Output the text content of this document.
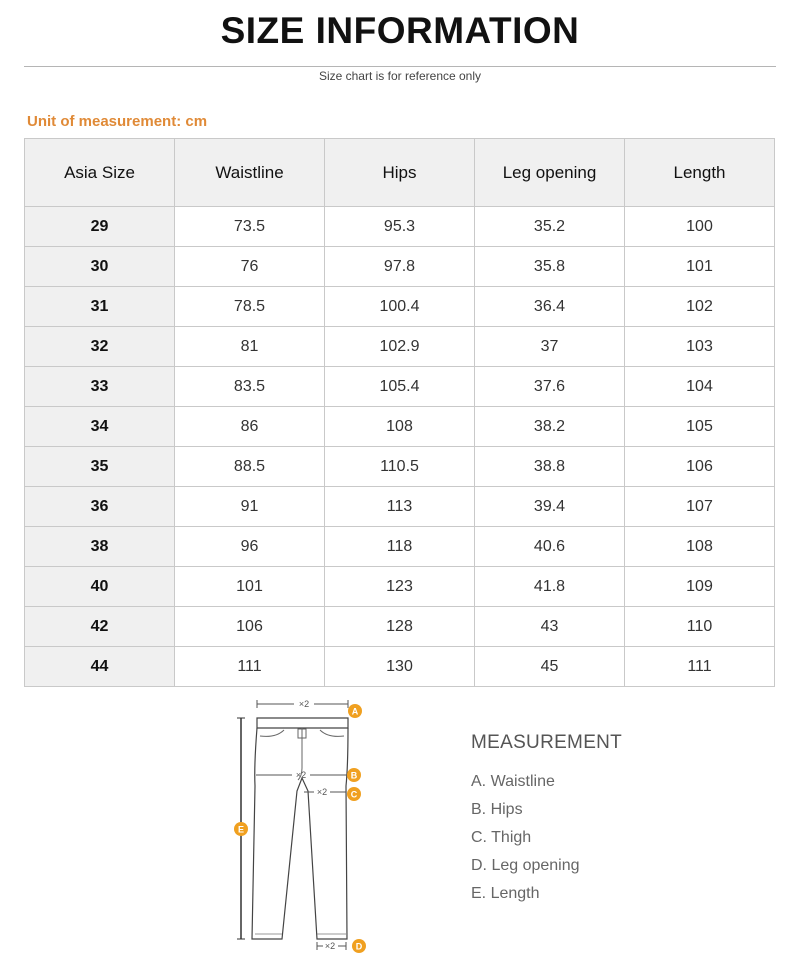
SIZE INFORMATION
Size chart is for reference only
Unit of measurement: cm
Asia Size	Waistline	Hips	Leg opening	Length
29	73.5	95.3	35.2	100
30	76	97.8	35.8	101
31	78.5	100.4	36.4	102
32	81	102.9	37	103
33	83.5	105.4	37.6	104
34	86	108	38.2	105
35	88.5	110.5	38.8	106
36	91	113	39.4	107
38	96	118	40.6	108
40	101	123	41.8	109
42	106	128	43	110
44	111	130	45	111
×2
×2
×2
×2
A
B
C
D
E
MEASUREMENT
A. Waistline
B. Hips
C. Thigh
D. Leg opening
E. Length
